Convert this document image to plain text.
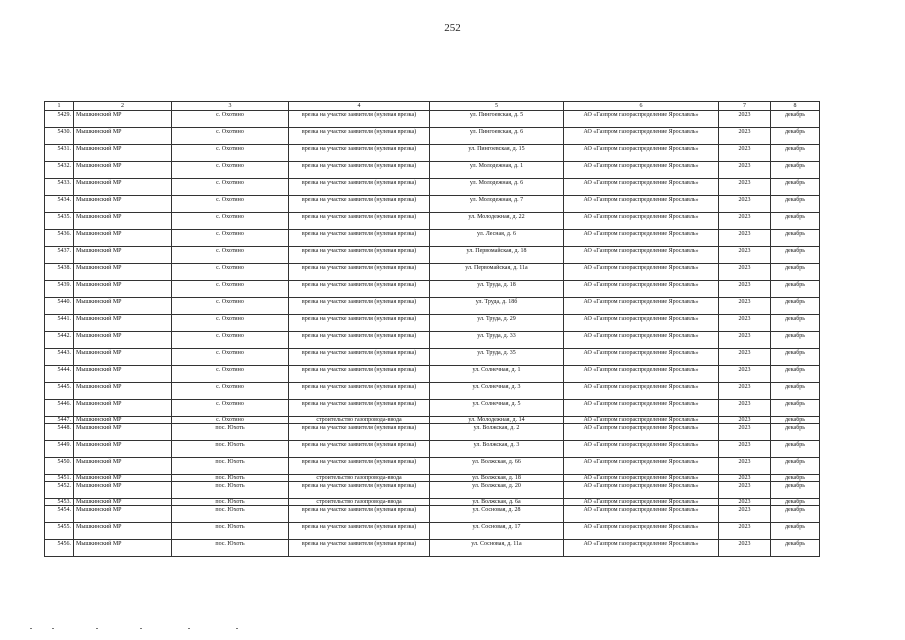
252
1	2	3	4	5	6	7	8
5429.	Мышкинский МР	с. Охотино	врезка на участке заявителя (нулевая врезка)	ул. Пингоевская, д. 5	АО «Газпром газораспределение Ярославль»	2023	декабрь
5430.	Мышкинский МР	с. Охотино	врезка на участке заявителя (нулевая врезка)	ул. Пингоевская, д. 6	АО «Газпром газораспределение Ярославль»	2023	декабрь
5431.	Мышкинский МР	с. Охотино	врезка на участке заявителя (нулевая врезка)	ул. Пингоевская, д. 15	АО «Газпром газораспределение Ярославль»	2023	декабрь
5432.	Мышкинский МР	с. Охотино	врезка на участке заявителя (нулевая врезка)	ул. Молодежная, д. 1	АО «Газпром газораспределение Ярославль»	2023	декабрь
5433.	Мышкинский МР	с. Охотино	врезка на участке заявителя (нулевая врезка)	ул. Молодежная, д. 6	АО «Газпром газораспределение Ярославль»	2023	декабрь
5434.	Мышкинский МР	с. Охотино	врезка на участке заявителя (нулевая врезка)	ул. Молодежная, д. 7	АО «Газпром газораспределение Ярославль»	2023	декабрь
5435.	Мышкинский МР	с. Охотино	врезка на участке заявителя (нулевая врезка)	ул. Молодежная, д. 22	АО «Газпром газораспределение Ярославль»	2023	декабрь
5436.	Мышкинский МР	с. Охотино	врезка на участке заявителя (нулевая врезка)	ул. Лесная, д. 6	АО «Газпром газораспределение Ярославль»	2023	декабрь
5437.	Мышкинский МР	с. Охотино	врезка на участке заявителя (нулевая врезка)	ул. Первомайская, д. 18	АО «Газпром газораспределение Ярославль»	2023	декабрь
5438.	Мышкинский МР	с. Охотино	врезка на участке заявителя (нулевая врезка)	ул. Первомайская, д. 11а	АО «Газпром газораспределение Ярославль»	2023	декабрь
5439.	Мышкинский МР	с. Охотино	врезка на участке заявителя (нулевая врезка)	ул. Труда, д. 18	АО «Газпром газораспределение Ярославль»	2023	декабрь
5440.	Мышкинский МР	с. Охотино	врезка на участке заявителя (нулевая врезка)	ул. Труда, д. 18б	АО «Газпром газораспределение Ярославль»	2023	декабрь
5441.	Мышкинский МР	с. Охотино	врезка на участке заявителя (нулевая врезка)	ул. Труда, д. 29	АО «Газпром газораспределение Ярославль»	2023	декабрь
5442.	Мышкинский МР	с. Охотино	врезка на участке заявителя (нулевая врезка)	ул. Труда, д. 33	АО «Газпром газораспределение Ярославль»	2023	декабрь
5443.	Мышкинский МР	с. Охотино	врезка на участке заявителя (нулевая врезка)	ул. Труда, д. 35	АО «Газпром газораспределение Ярославль»	2023	декабрь
5444.	Мышкинский МР	с. Охотино	врезка на участке заявителя (нулевая врезка)	ул. Солнечная, д. 1	АО «Газпром газораспределение Ярославль»	2023	декабрь
5445.	Мышкинский МР	с. Охотино	врезка на участке заявителя (нулевая врезка)	ул. Солнечная, д. 3	АО «Газпром газораспределение Ярославль»	2023	декабрь
5446.	Мышкинский МР	с. Охотино	врезка на участке заявителя (нулевая врезка)	ул. Солнечная, д. 5	АО «Газпром газораспределение Ярославль»	2023	декабрь
5447.	Мышкинский МР	с. Охотино	строительство газопровода-ввода	ул. Молодежная, д. 14	АО «Газпром газораспределение Ярославль»	2023	декабрь
5448.	Мышкинский МР	пос. Юхоть	врезка на участке заявителя (нулевая врезка)	ул. Волжская, д. 2	АО «Газпром газораспределение Ярославль»	2023	декабрь
5449.	Мышкинский МР	пос. Юхоть	врезка на участке заявителя (нулевая врезка)	ул. Волжская, д. 3	АО «Газпром газораспределение Ярославль»	2023	декабрь
5450.	Мышкинский МР	пос. Юхоть	врезка на участке заявителя (нулевая врезка)	ул. Волжская, д. 66	АО «Газпром газораспределение Ярославль»	2023	декабрь
5451.	Мышкинский МР	пос. Юхоть	строительство газопровода-ввода	ул. Волжская, д. 18	АО «Газпром газораспределение Ярославль»	2023	декабрь
5452.	Мышкинский МР	пос. Юхоть	врезка на участке заявителя (нулевая врезка)	ул. Волжская, д. 20	АО «Газпром газораспределение Ярославль»	2023	декабрь
5453.	Мышкинский МР	пос. Юхоть	строительство газопровода-ввода	ул. Волжская, д. 6а	АО «Газпром газораспределение Ярославль»	2023	декабрь
5454.	Мышкинский МР	пос. Юхоть	врезка на участке заявителя (нулевая врезка)	ул. Сосновая, д. 28	АО «Газпром газораспределение Ярославль»	2023	декабрь
5455.	Мышкинский МР	пос. Юхоть	врезка на участке заявителя (нулевая врезка)	ул. Сосновая, д. 17	АО «Газпром газораспределение Ярославль»	2023	декабрь
5456.	Мышкинский МР	пос. Юхоть	врезка на участке заявителя (нулевая врезка)	ул. Сосновая, д. 11а	АО «Газпром газораспределение Ярославль»	2023	декабрь
